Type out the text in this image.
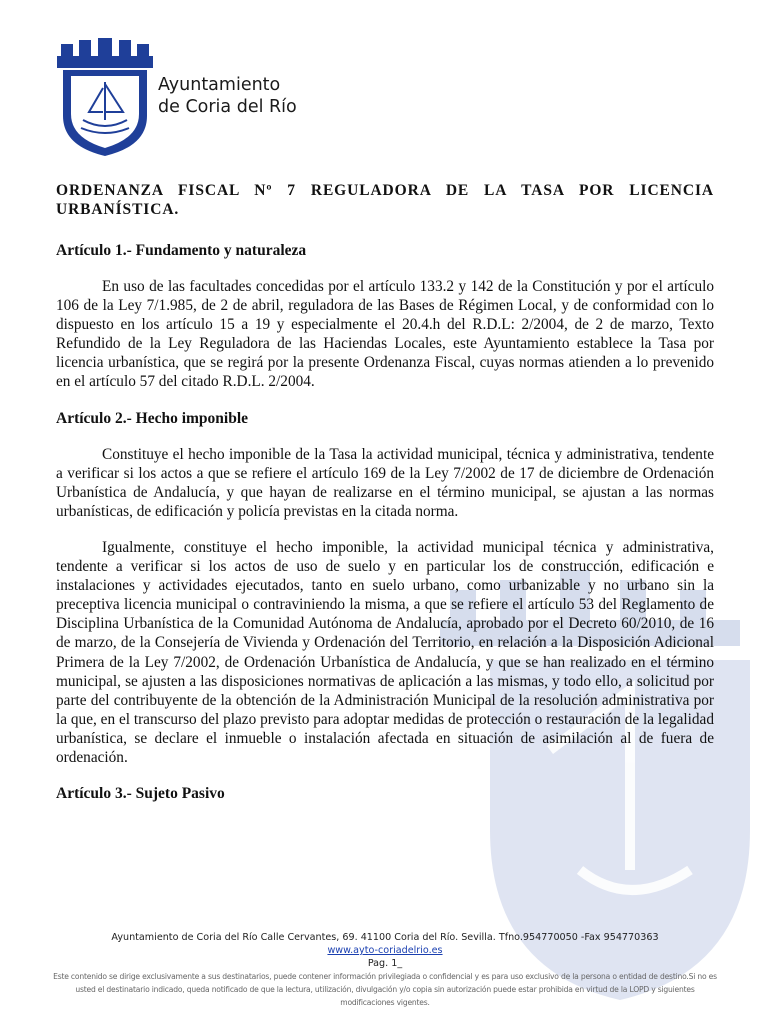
Ayuntamiento
de Coria del Río
ORDENANZA FISCAL Nº 7 REGULADORA DE LA TASA POR LICENCIA URBANÍSTICA.
Artículo 1.- Fundamento y naturaleza
En uso de las facultades concedidas por el artículo 133.2 y 142 de la Constitución y por el artículo 106 de la Ley 7/1.985, de 2 de abril, reguladora de las Bases de Régimen Local, y de conformidad con lo dispuesto en los artículo 15 a 19 y especialmente el 20.4.h del R.D.L: 2/2004, de 2 de marzo, Texto Refundido de la Ley Reguladora de las Haciendas Locales, este Ayuntamiento establece la Tasa por licencia urbanística, que se regirá por la presente Ordenanza Fiscal, cuyas normas atienden a lo prevenido en el artículo 57 del citado R.D.L. 2/2004.
Artículo 2.- Hecho imponible
Constituye el hecho imponible de la Tasa la actividad municipal, técnica y administrativa, tendente a verificar si los actos a que se refiere el artículo 169 de la Ley 7/2002 de 17 de diciembre de Ordenación Urbanística de Andalucía, y que hayan de realizarse en el término municipal, se ajustan a las normas urbanísticas, de edificación y policía previstas en la citada norma.
Igualmente, constituye el hecho imponible, la actividad municipal técnica y administrativa, tendente a verificar si los actos de uso de suelo y en particular los de construcción, edificación e instalaciones y actividades ejecutados, tanto en suelo urbano, como urbanizable y no urbano sin la preceptiva licencia municipal o contraviniendo la misma, a que se refiere el artículo 53 del Reglamento de Disciplina Urbanística de la Comunidad Autónoma de Andalucía, aprobado por el Decreto 60/2010, de 16 de marzo, de la Consejería de Vivienda y Ordenación del Territorio, en relación a la Disposición Adicional Primera de la Ley 7/2002, de Ordenación Urbanística de Andalucía, y que se han realizado en el término municipal, se ajusten a las disposiciones normativas de aplicación a las mismas, y todo ello, a solicitud por parte del contribuyente de la obtención de la Administración Municipal de la resolución administrativa por la que, en el transcurso del plazo previsto para adoptar medidas de protección o restauración de la legalidad urbanística, se declare el inmueble o instalación afectada en situación de asimilación al de fuera de ordenación.
Artículo 3.- Sujeto Pasivo
Ayuntamiento de Coria del Río Calle Cervantes, 69. 41100 Coria del Río. Sevilla. Tfno.954770050 -Fax 954770363
www.ayto-coriadelrio.es
Pag. 1_
Este contenido se dirige exclusivamente a sus destinatarios, puede contener información privilegiada o confidencial y es para uso exclusivo de la persona o entidad de destino.Si no es usted el destinatario indicado, queda notificado de que la lectura, utilización, divulgación y/o copia sin autorización puede estar prohibida en virtud de la LOPD y siguientes modificaciones vigentes.
